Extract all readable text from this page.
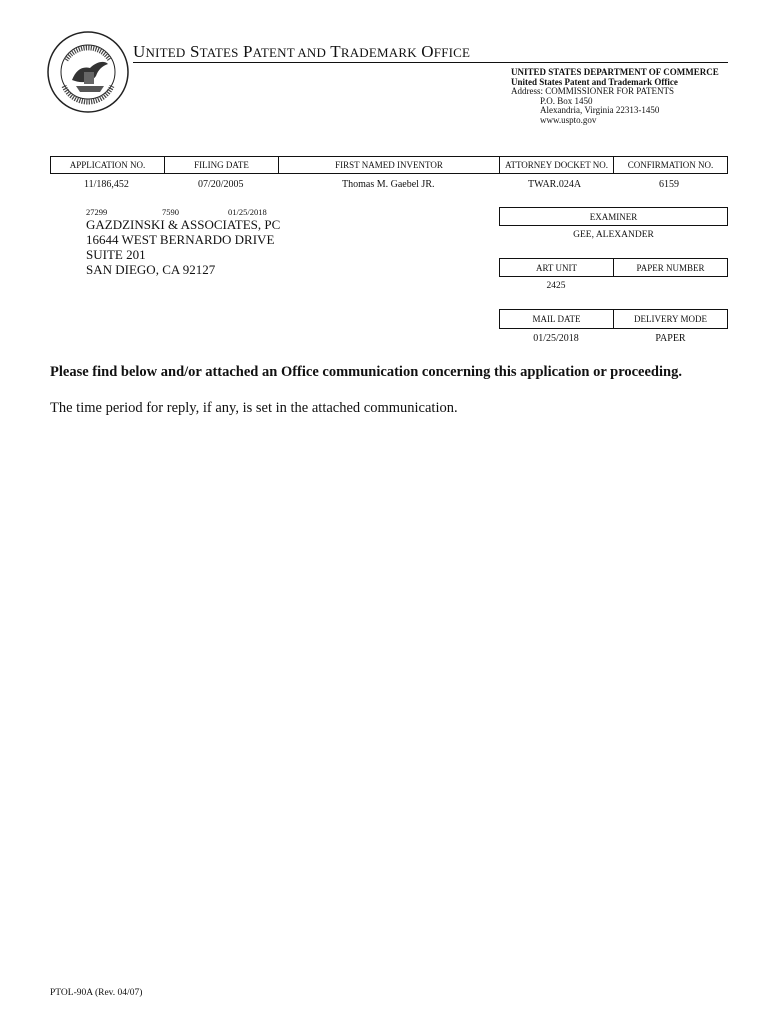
UNITED STATES PATENT AND TRADEMARK OFFICE
UNITED STATES DEPARTMENT OF COMMERCE
United States Patent and Trademark Office
Address: COMMISSIONER FOR PATENTS
P.O. Box 1450
Alexandria, Virginia 22313-1450
www.uspto.gov
APPLICATION NO.	FILING DATE	FIRST NAMED INVENTOR	ATTORNEY DOCKET NO.	CONFIRMATION NO.
11/186,452	07/20/2005	Thomas M. Gaebel JR.	TWAR.024A	6159
27299	7590	01/25/2018
GAZDZINSKI & ASSOCIATES, PC
16644 WEST BERNARDO DRIVE
SUITE 201
SAN DIEGO, CA 92127
EXAMINER
GEE, ALEXANDER
ART UNIT	PAPER NUMBER
2425
MAIL DATE	DELIVERY MODE
01/25/2018	PAPER
Please find below and/or attached an Office communication concerning this application or proceeding.
The time period for reply, if any, is set in the attached communication.
PTOL-90A (Rev. 04/07)
